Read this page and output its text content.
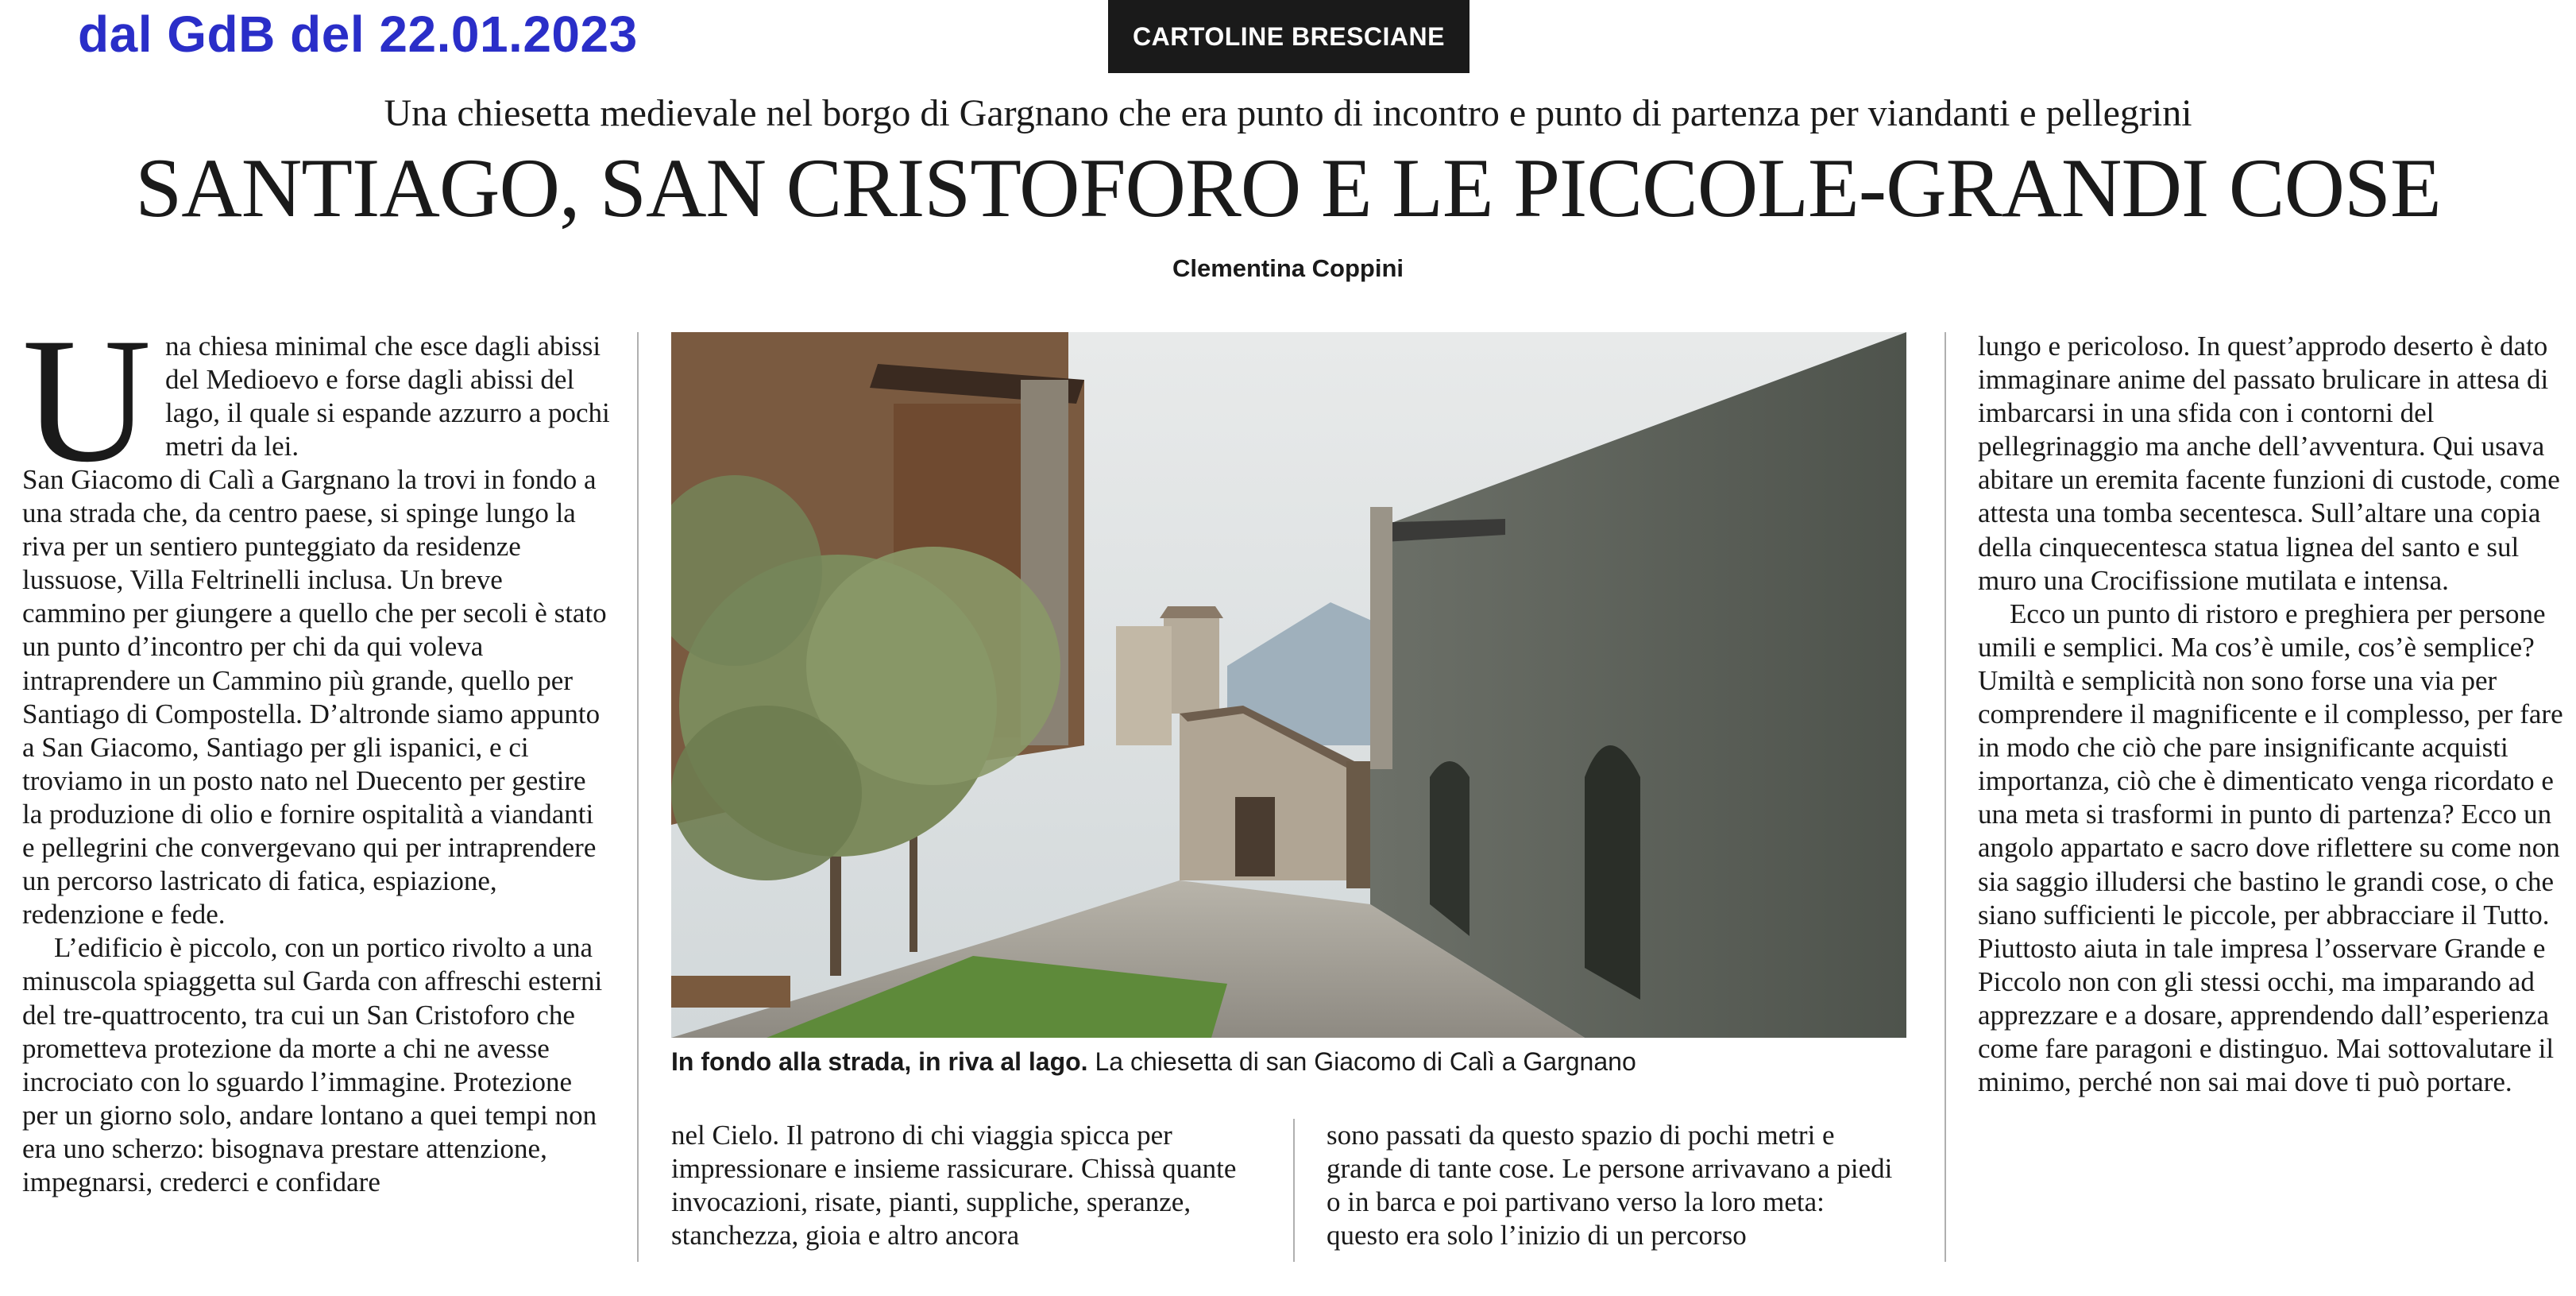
dal GdB del 22.01.2023	CARTOLINE BRESCIANE
Una chiesetta medievale nel borgo di Gargnano che era punto di incontro e punto di partenza per viandanti e pellegrini
SANTIAGO, SAN CRISTOFORO E LE PICCOLE-GRANDI COSE
Clementina Coppini
U na chiesa minimal che esce dagli abissi del Medioevo e forse dagli abissi del lago, il quale si espande azzurro a pochi metri da lei.

San Giacomo di Calì a Gargnano la trovi in fondo a una strada che, da centro paese, si spinge lungo la riva per un sentiero punteggiato da residenze lussuose, Villa Feltrinelli inclusa. Un breve cammino per giungere a quello che per secoli è stato un punto d’incontro per chi da qui voleva intraprendere un Cammino più grande, quello per Santiago di Compostella. D’altronde siamo appunto a San Giacomo, Santiago per gli ispanici, e ci troviamo in un posto nato nel Duecento per gestire la produzione di olio e fornire ospitalità a viandanti e pellegrini che convergevano qui per intraprendere un percorso lastricato di fatica, espiazione, redenzione e fede.

L’edificio è piccolo, con un portico rivolto a una minuscola spiaggetta sul Garda con affreschi esterni del tre-quattrocento, tra cui un San Cristoforo che prometteva protezione da morte a chi ne avesse incrociato con lo sguardo l’immagine. Protezione per un giorno solo, andare lontano a quei tempi non era uno scherzo: bisognava prestare attenzione, impegnarsi, crederci e confidare

In fondo alla strada, in riva al lago. La chiesetta di san Giacomo di Calì a Gargnano

nel Cielo. Il patrono di chi viaggia spicca per impressionare e insieme rassicurare. Chissà quante invocazioni, risate, pianti, suppliche, speranze, stanchezza, gioia e altro ancora

sono passati da questo spazio di pochi metri e grande di tante cose. Le persone arrivavano a piedi o in barca e poi partivano verso la loro meta: questo era solo l’inizio di un percorso

lungo e pericoloso. In quest’approdo deserto è dato immaginare anime del passato brulicare in attesa di imbarcarsi in una sfida con i contorni del pellegrinaggio ma anche dell’avventura. Qui usava abitare un eremita facente funzioni di custode, come attesta una tomba secentesca. Sull’altare una copia della cinquecentesca statua lignea del santo e sul muro una Crocifissione mutilata e intensa.

Ecco un punto di ristoro e preghiera per persone umili e semplici. Ma cos’è umile, cos’è semplice? Umiltà e semplicità non sono forse una via per comprendere il magnificente e il complesso, per fare in modo che ciò che pare insignificante acquisti importanza, ciò che è dimenticato venga ricordato e una meta si trasformi in punto di partenza? Ecco un angolo appartato e sacro dove riflettere su come non sia saggio illudersi che bastino le grandi cose, o che siano sufficienti le piccole, per abbracciare il Tutto. Piuttosto aiuta in tale impresa l’osservare Grande e Piccolo non con gli stessi occhi, ma imparando ad apprezzare e a dosare, apprendendo dall’esperienza come fare paragoni e distinguo. Mai sottovalutare il minimo, perché non sai mai dove ti può portare.
